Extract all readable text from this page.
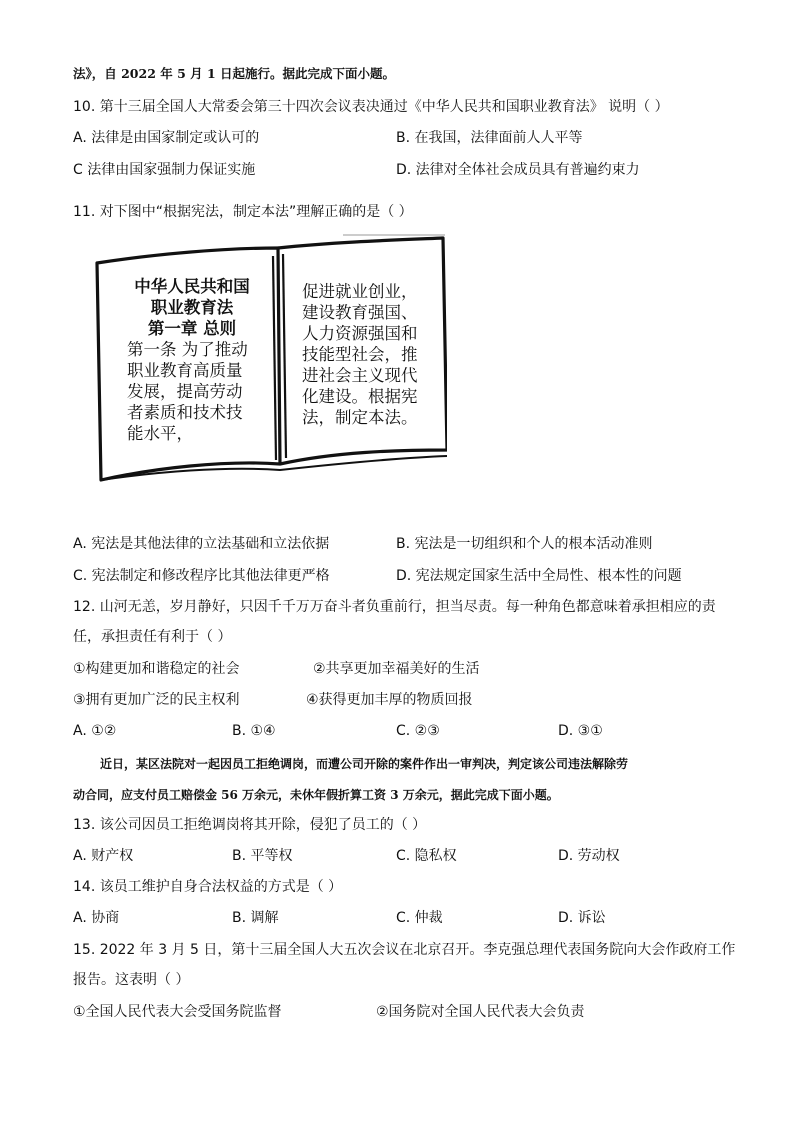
法》，自 2022 年 5 月 1 日起施行。据此完成下面小题。
10. 第十三届全国人大常委会第三十四次会议表决通过《中华人民共和国职业教育法》 说明（ ）
A. 法律是由国家制定或认可的	B. 在我国，法律面前人人平等
C 法律由国家强制力保证实施	D. 法律对全体社会成员具有普遍约束力
11. 对下图中“根据宪法，制定本法”理解正确的是（ ）
中华人民共和国
职业教育法
第一章 总则
第一条 为了推动
职业教育高质量
发展，提高劳动
者素质和技术技
能水平，
促进就业创业，
建设教育强国、
人力资源强国和
技能型社会，推
进社会主义现代
化建设。根据宪
法，制定本法。
A. 宪法是其他法律的立法基础和立法依据	B. 宪法是一切组织和个人的根本活动准则
C. 宪法制定和修改程序比其他法律更严格	D. 宪法规定国家生活中全局性、根本性的问题
12. 山河无恙，岁月静好，只因千千万万奋斗者负重前行，担当尽责。每一种角色都意味着承担相应的责
任，承担责任有利于（ ）
①构建更加和谐稳定的社会	②共享更加幸福美好的生活
③拥有更加广泛的民主权利	④获得更加丰厚的物质回报
A. ①②	B. ①④	C. ②③	D. ③①
近日，某区法院对一起因员工拒绝调岗，而遭公司开除的案件作出一审判决，判定该公司违法解除劳
动合同，应支付员工赔偿金 56 万余元，未休年假折算工资 3 万余元，据此完成下面小题。
13. 该公司因员工拒绝调岗将其开除，侵犯了员工的（ ）
A. 财产权	B. 平等权	C. 隐私权	D. 劳动权
14. 该员工维护自身合法权益的方式是（ ）
A. 协商	B. 调解	C. 仲裁	D. 诉讼
15. 2022 年 3 月 5 日，第十三届全国人大五次会议在北京召开。李克强总理代表国务院向大会作政府工作
报告。这表明（ ）
①全国人民代表大会受国务院监督	②国务院对全国人民代表大会负责
